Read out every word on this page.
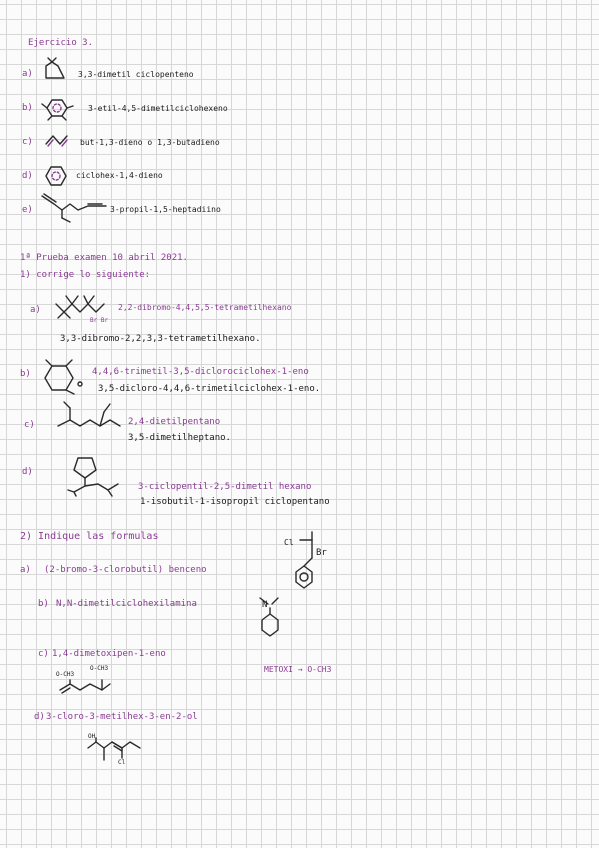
Ejercicio 3.
a)	3,3-dimetil ciclopenteno
b)	3-etil-4,5-dimetilciclohexeno
c)	but-1,3-dieno o 1,3-butadieno
d)	ciclohex-1,4-dieno
e)	3-propil-1,5-heptadiino
1ª Prueba examen 10 abril 2021.
1) corrige lo siguiente:
a)
Br Br
2,2-dibromo-4,4,5,5-tetrametilhexano
3,3-dibromo-2,2,3,3-tetrametilhexano.
b)	4,4,6-trimetil-3,5-diclorociclohex-1-eno
3,5-dicloro-4,4,6-trimetilciclohex-1-eno.
c)	2,4-dietilpentano
3,5-dimetilheptano.
d)
3-ciclopentil-2,5-dimetil hexano
1-isobutil-1-isopropil ciclopentano
2) Indique las formulas
a) (2-bromo-3-clorobutil) benceno
Cl
Br
b) N,N-dimetilciclohexilamina	N
c) 1,4-dimetoxipen-1-eno
METOXI → O-CH3
O-CH3
O-CH3
d) 3-cloro-3-metilhex-3-en-2-ol
OH
Cl
